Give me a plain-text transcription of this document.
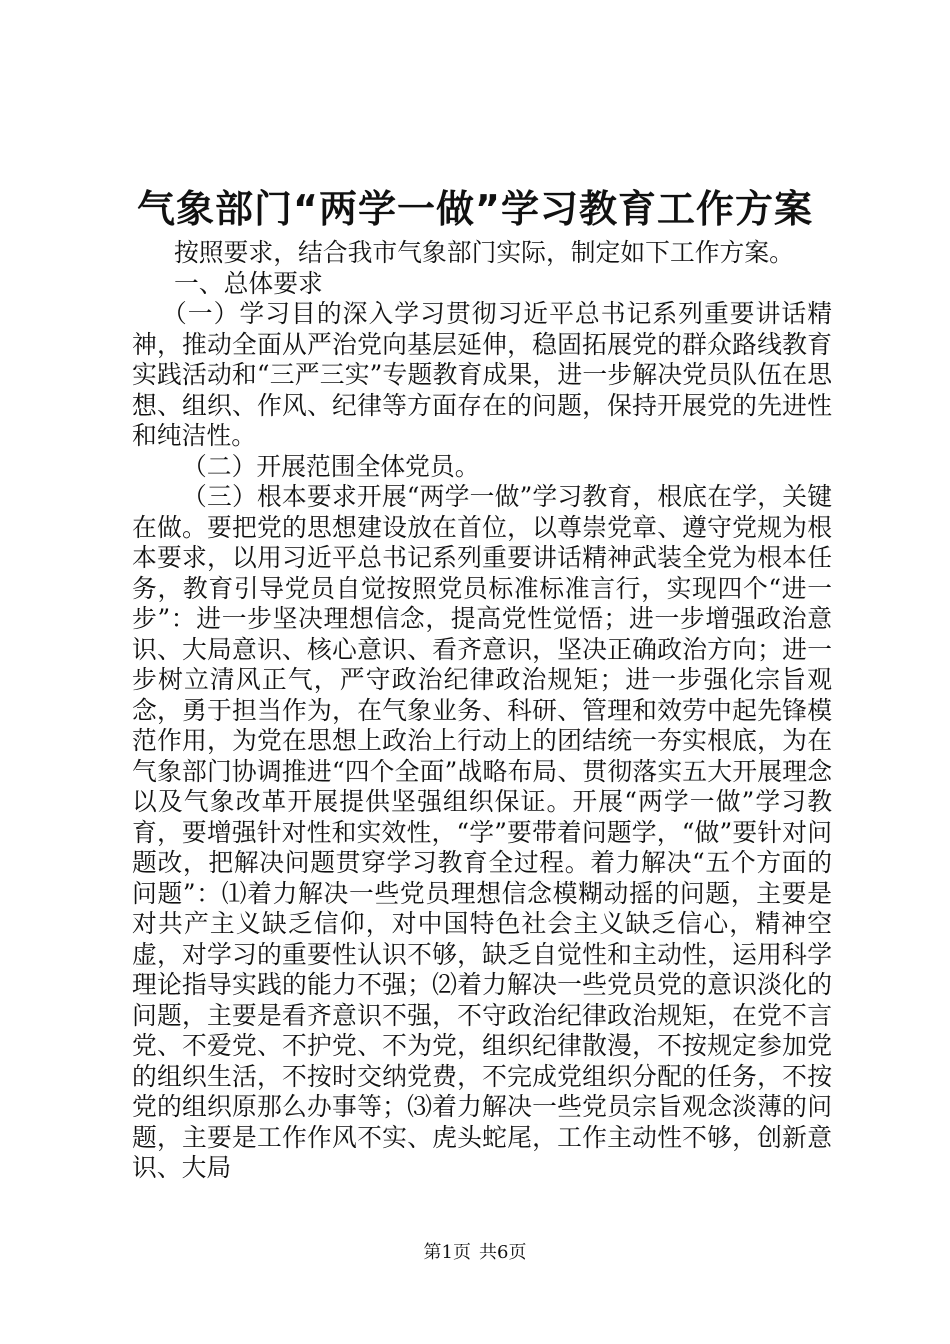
气象部门“两学一做”学习教育工作方案

按照要求，结合我市气象部门实际，制定如下工作方案。

一、总体要求

（一）学习目的深入学习贯彻习近平总书记系列重要讲话精神，推动全面从严治党向基层延伸，稳固拓展党的群众路线教育实践活动和“三严三实”专题教育成果，进一步解决党员队伍在思想、组织、作风、纪律等方面存在的问题，保持开展党的先进性和纯洁性。

（二）开展范围全体党员。

（三）根本要求开展“两学一做”学习教育，根底在学，关键在做。要把党的思想建设放在首位，以尊崇党章、遵守党规为根本要求，以用习近平总书记系列重要讲话精神武装全党为根本任务，教育引导党员自觉按照党员标准标准言行，实现四个“进一步”：进一步坚决理想信念，提高党性觉悟；进一步增强政治意识、大局意识、核心意识、看齐意识，坚决正确政治方向；进一步树立清风正气，严守政治纪律政治规矩；进一步强化宗旨观念，勇于担当作为，在气象业务、科研、管理和效劳中起先锋模范作用，为党在思想上政治上行动上的团结统一夯实根底，为在气象部门协调推进“四个全面”战略布局、贯彻落实五大开展理念以及气象改革开展提供坚强组织保证。开展“两学一做”学习教育，要增强针对性和实效性，“学”要带着问题学，“做”要针对问题改，把解决问题贯穿学习教育全过程。着力解决“五个方面的问题”：⑴着力解决一些党员理想信念模糊动摇的问题，主要是对共产主义缺乏信仰，对中国特色社会主义缺乏信心，精神空虚，对学习的重要性认识不够，缺乏自觉性和主动性，运用科学理论指导实践的能力不强；⑵着力解决一些党员党的意识淡化的问题，主要是看齐意识不强，不守政治纪律政治规矩，在党不言党、不爱党、不护党、不为党，组织纪律散漫，不按规定参加党的组织生活，不按时交纳党费，不完成党组织分配的任务，不按党的组织原那么办事等；⑶着力解决一些党员宗旨观念淡薄的问题，主要是工作作风不实、虎头蛇尾，工作主动性不够，创新意识、大局

第1页 共6页
